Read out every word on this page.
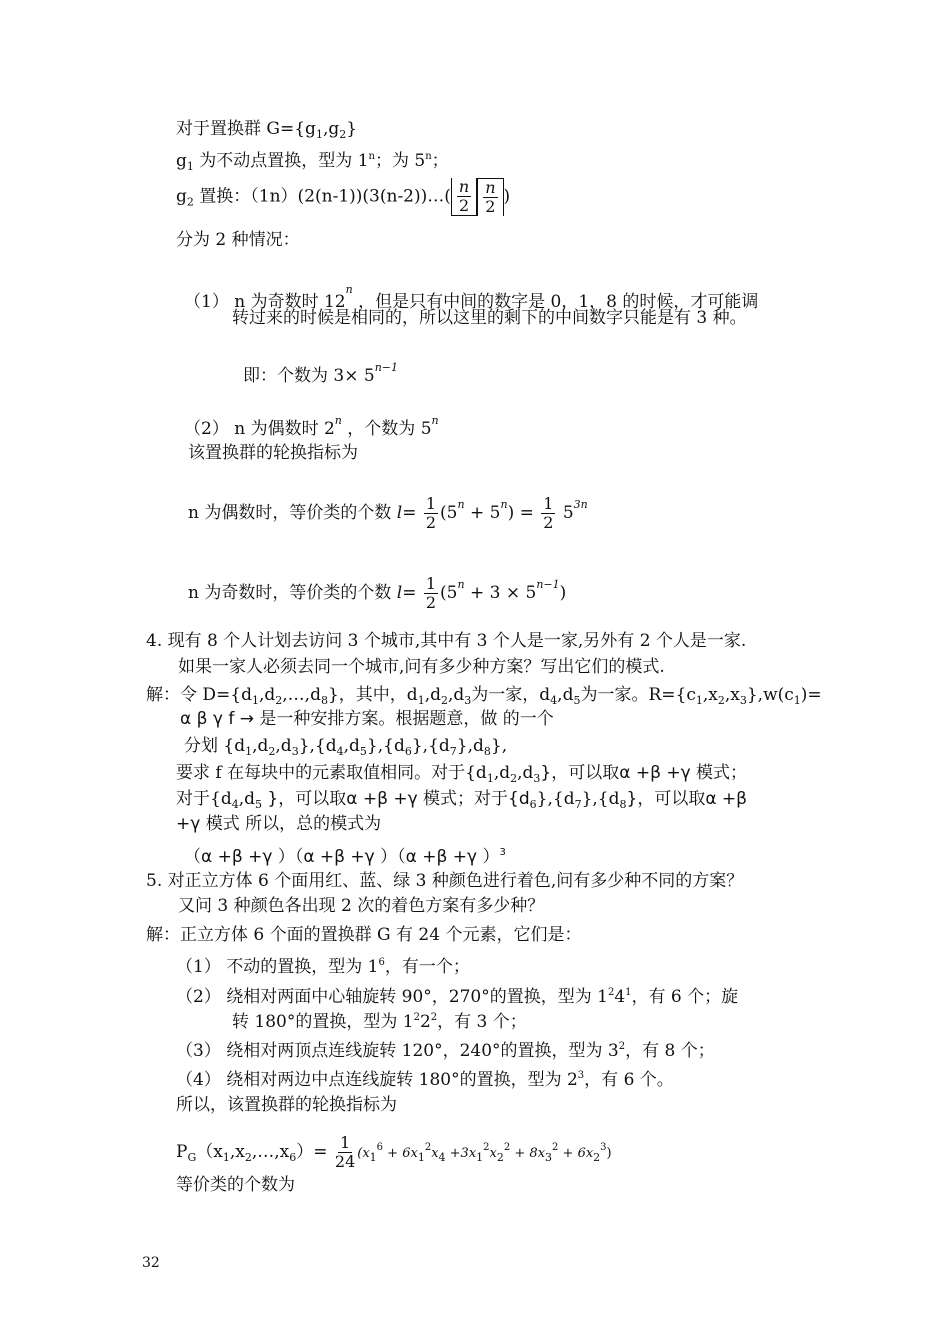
对于置换群 $G=\{g_1,g_2\}$
$g_1$ 为不动点置换，型为 1$^n$；为 5$^n$；
$g_2$ 置换：（1n）(2(n-1))(3(n-2))…( $\frac{n}{2} \frac{n}{2}$ )
分为 2 种情况：
（1） n 为奇数时 12$^n$ ，但是只有中间的数字是 0，1，8 的时候，才可能调
转过来的时候是相同的，所以这里的剩下的中间数字只能是有 3 种。
即：个数为 $3\times 5^{n-1}$
（2） n 为偶数时 2$^n$ ，个数为 5$^n$
该置换群的轮换指标为
n 为偶数时，等价类的个数 $l= \frac{1}{2} (5^n + 5^n) = \frac{1}{2} 5^{3n}$
n 为奇数时，等价类的个数 $l= \frac{1}{2} (5^n + 3 \times 5^{n-1})$
4. 现有 8 个人计划去访问 3 个城市,其中有 3 个人是一家,另外有 2 个人是一家.
如果一家人必须去同一个城市,问有多少种方案？写出它们的模式.
解：令 $D=\{d_1,d_2,\dots,d_8\}$，其中，$d_1,d_2,d_3$为一家，$d_4,d_5$为一家。$R=\{c_1,x_2,x_3\},w(c_1)=$
α β γ f → 是一种安排方案。根据题意，做 的一个
分划 $\{d_1,d_2,d_3\},\{d_4,d_5\},\{d_6\},\{d_7\},d_8$},
要求 f 在每块中的元素取值相同。对于$\{d_1,d_2,d_3\}$，可以取α +β +γ 模式；
对于{$d_4,d_5$ }，可以取α +β +γ 模式；对于$\{d_6\},\{d_7\},\{d_8\}$，可以取α +β
+γ 模式 所以，总的模式为
（α +β +γ ）（α +β +γ ）（α +β +γ ）$^3$
5. 对正立方体 6 个面用红、蓝、绿 3 种颜色进行着色,问有多少种不同的方案？
又问 3 种颜色各出现 2 次的着色方案有多少种？
解：正立方体 6 个面的置换群 G 有 24 个元素，它们是：
（1） 不动的置换，型为 $1^6$，有一个；
（2） 绕相对两面中心轴旋转 90°，270°的置换，型为 $1^24^1$，有 6 个；旋
转 180°的置换，型为 $1^22^2$，有 3 个；
（3） 绕相对两顶点连线旋转 120°，240°的置换，型为 $3^2$，有 8 个；
（4） 绕相对两边中点连线旋转 180°的置换，型为 $2^3$，有 6 个。
所以，该置换群的轮换指标为
$P_G(x_1,x_2,\dots,x_6)= \frac{1}{24} (x_1^6 + 6x_1^2x_4 +3x_1^2x_2^2 + 8x_3^2 + 6x_2^3)$
等价类的个数为
32
